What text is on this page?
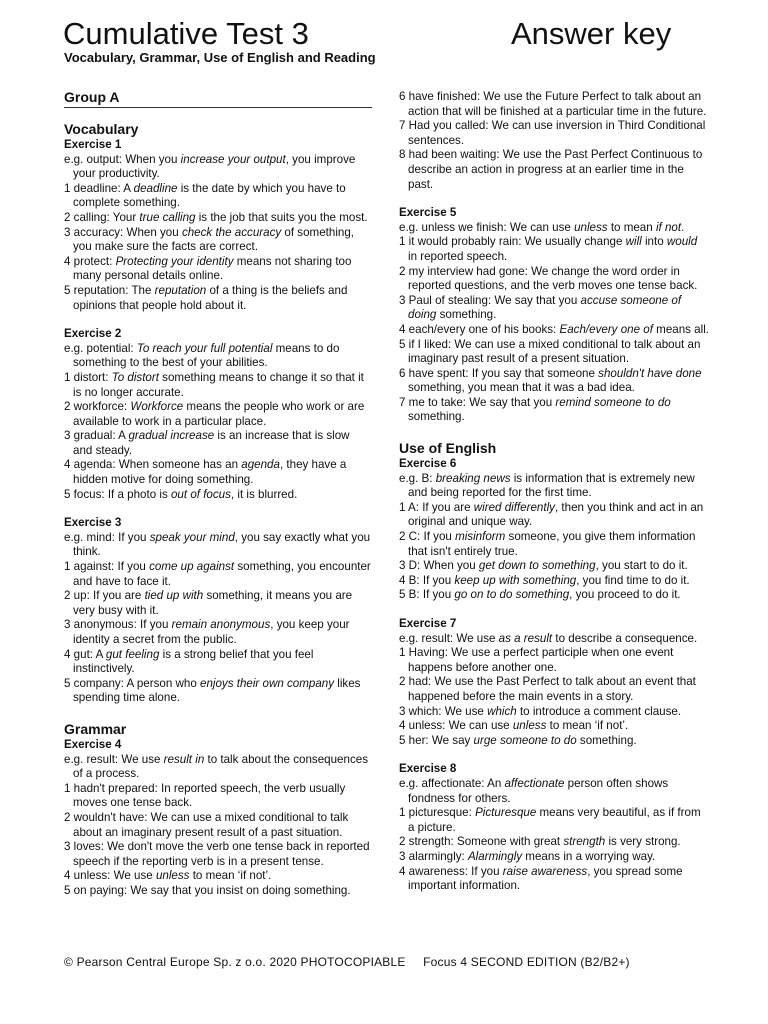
Cumulative Test 3	Answer key
Vocabulary, Grammar, Use of English and Reading
Group A
Vocabulary
Exercise 1
e.g. output: When you increase your output, you improve your productivity.
1 deadline: A deadline is the date by which you have to complete something.
2 calling: Your true calling is the job that suits you the most.
3 accuracy: When you check the accuracy of something, you make sure the facts are correct.
4 protect: Protecting your identity means not sharing too many personal details online.
5 reputation: The reputation of a thing is the beliefs and opinions that people hold about it.
Exercise 2
e.g. potential: To reach your full potential means to do something to the best of your abilities.
1 distort: To distort something means to change it so that it is no longer accurate.
2 workforce: Workforce means the people who work or are available to work in a particular place.
3 gradual: A gradual increase is an increase that is slow and steady.
4 agenda: When someone has an agenda, they have a hidden motive for doing something.
5 focus: If a photo is out of focus, it is blurred.
Exercise 3
e.g. mind: If you speak your mind, you say exactly what you think.
1 against: If you come up against something, you encounter and have to face it.
2 up: If you are tied up with something, it means you are very busy with it.
3 anonymous: If you remain anonymous, you keep your identity a secret from the public.
4 gut: A gut feeling is a strong belief that you feel instinctively.
5 company: A person who enjoys their own company likes spending time alone.
Grammar
Exercise 4
e.g. result: We use result in to talk about the consequences of a process.
1 hadn't prepared: In reported speech, the verb usually moves one tense back.
2 wouldn't have: We can use a mixed conditional to talk about an imaginary present result of a past situation.
3 loves: We don't move the verb one tense back in reported speech if the reporting verb is in a present tense.
4 unless: We use unless to mean ‘if not’.
5 on paying: We say that you insist on doing something.
6 have finished: We use the Future Perfect to talk about an action that will be finished at a particular time in the future.
7 Had you called: We can use inversion in Third Conditional sentences.
8 had been waiting: We use the Past Perfect Continuous to describe an action in progress at an earlier time in the past.
Exercise 5
e.g. unless we finish: We can use unless to mean if not.
1 it would probably rain: We usually change will into would in reported speech.
2 my interview had gone: We change the word order in reported questions, and the verb moves one tense back.
3 Paul of stealing: We say that you accuse someone of doing something.
4 each/every one of his books: Each/every one of means all.
5 if I liked: We can use a mixed conditional to talk about an imaginary past result of a present situation.
6 have spent: If you say that someone shouldn't have done something, you mean that it was a bad idea.
7 me to take: We say that you remind someone to do something.
Use of English
Exercise 6
e.g. B: breaking news is information that is extremely new and being reported for the first time.
1 A: If you are wired differently, then you think and act in an original and unique way.
2 C: If you misinform someone, you give them information that isn't entirely true.
3 D: When you get down to something, you start to do it.
4 B: If you keep up with something, you find time to do it.
5 B: If you go on to do something, you proceed to do it.
Exercise 7
e.g. result: We use as a result to describe a consequence.
1 Having: We use a perfect participle when one event happens before another one.
2 had: We use the Past Perfect to talk about an event that happened before the main events in a story.
3 which: We use which to introduce a comment clause.
4 unless: We can use unless to mean ‘if not’.
5 her: We say urge someone to do something.
Exercise 8
e.g. affectionate: An affectionate person often shows fondness for others.
1 picturesque: Picturesque means very beautiful, as if from a picture.
2 strength: Someone with great strength is very strong.
3 alarmingly: Alarmingly means in a worrying way.
4 awareness: If you raise awareness, you spread some important information.
© Pearson Central Europe Sp. z o.o. 2020 PHOTOCOPIABLE Focus 4 SECOND EDITION (B2/B2+)
